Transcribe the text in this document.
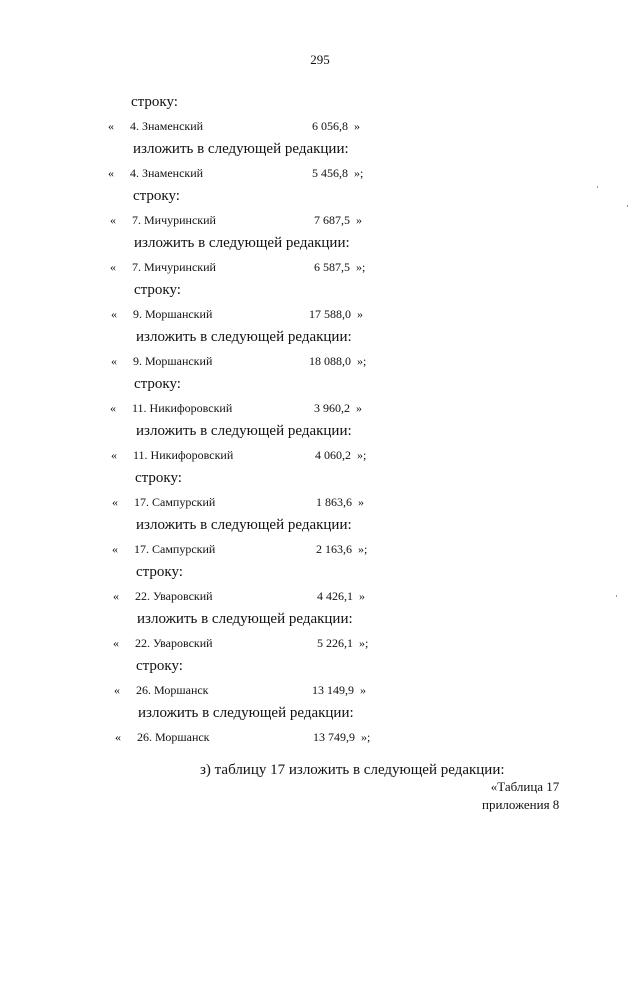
295
строку:
«	4. Знаменский	6 056,8 »
изложить в следующей редакции:
«	4. Знаменский	5 456,8 »;
строку:
«	7. Мичуринский	7 687,5 »
изложить в следующей редакции:
«	7. Мичуринский	6 587,5 »;
строку:
«	9. Моршанский	17 588,0 »
изложить в следующей редакции:
«	9. Моршанский	18 088,0 »;
строку:
«	11. Никифоровский	3 960,2 »
изложить в следующей редакции:
«	11. Никифоровский	4 060,2 »;
строку:
«	17. Сампурский	1 863,6 »
изложить в следующей редакции:
«	17. Сампурский	2 163,6 »;
строку:
«	22. Уваровский	4 426,1 »
изложить в следующей редакции:
«	22. Уваровский	5 226,1 »;
строку:
«	26. Моршанск	13 149,9 »
изложить в следующей редакции:
«	26. Моршанск	13 749,9 »;
з) таблицу 17 изложить в следующей редакции:
«Таблица 17
приложения 8
